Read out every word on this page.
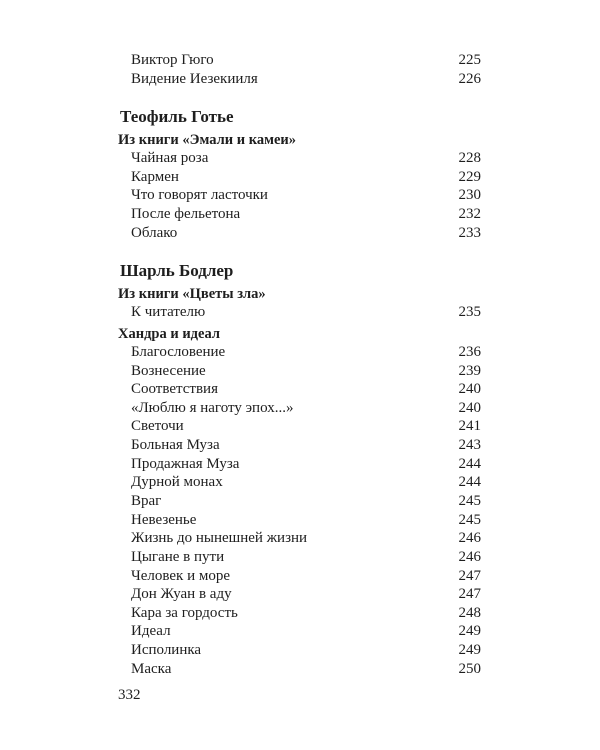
Виктор Гюго	225
Видение Иезекииля	226
Теофиль Готье
Из книги «Эмали и камеи»
Чайная роза	228
Кармен	229
Что говорят ласточки	230
После фельетона	232
Облако	233
Шарль Бодлер
Из книги «Цветы зла»
К читателю	235
Хандра и идеал
Благословение	236
Вознесение	239
Соответствия	240
«Люблю я наготу эпох...»	240
Светочи	241
Больная Муза	243
Продажная Муза	244
Дурной монах	244
Враг	245
Невезенье	245
Жизнь до нынешней жизни	246
Цыгане в пути	246
Человек и море	247
Дон Жуан в аду	247
Кара за гордость	248
Идеал	249
Исполинка	249
Маска	250
332
